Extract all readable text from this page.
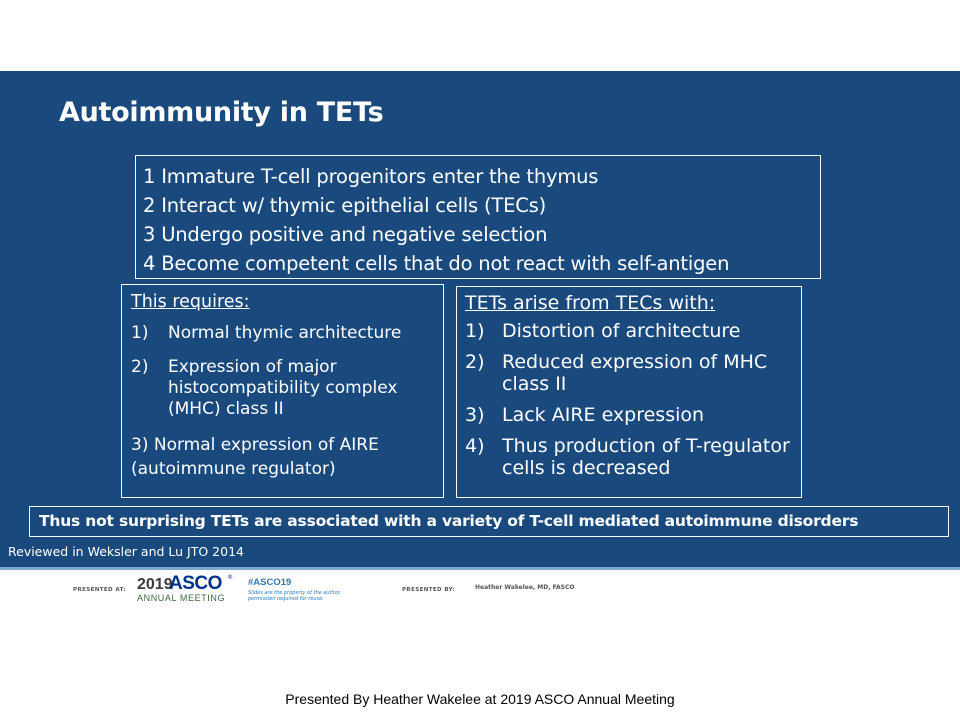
Autoimmunity in TETs
1 Immature T-cell progenitors enter the thymus
2 Interact w/ thymic epithelial cells (TECs)
3 Undergo positive and negative selection
4 Become competent cells that do not react with self-antigen
This requires:
1)	Normal thymic architecture
2)	Expression of major histocompatibility complex (MHC) class II
3) Normal expression of AIRE (autoimmune regulator)
TETs arise from TECs with:
1) Distortion of architecture
2) Reduced expression of MHC class II
3) Lack AIRE expression
4) Thus production of T-regulator cells is decreased
Thus not surprising TETs are associated with a variety of T-cell mediated autoimmune disorders
Reviewed in Weksler and Lu JTO 2014
PRESENTED AT: 2019
ASCO ®
ANNUAL MEETING
#ASCO19
Slides are the property of the author, permission required for reuse.
PRESENTED BY:	Heather Wakelee, MD, FASCO
Presented By Heather Wakelee at 2019 ASCO Annual Meeting
